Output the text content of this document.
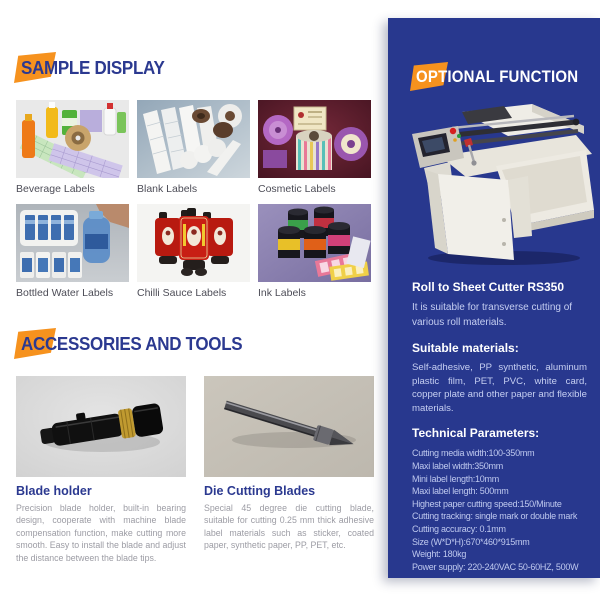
SAMPLE DISPLAY
Beverage Labels	Blank Labels	Cosmetic Labels
Bottled Water Labels	Chilli Sauce Labels	Ink Labels
ACCESSORIES AND TOOLS
Blade holder
Precision blade holder, built-in bearing design, cooperate with machine blade compensation function, make cutting more smooth. Easy to install the blade and adjust the distance between the blade tips.
Die Cutting Blades
Special 45 degree die cutting blade, suitable for cutting 0.25 mm thick adhesive label materials such as sticker, coated paper, synthetic paper, PP, PET, etc.
OPTIONAL FUNCTION
Roll to Sheet Cutter RS350
It is suitable for transverse cutting of various roll materials.
Suitable materials:
Self-adhesive, PP synthetic, aluminum plastic film, PET, PVC, white card, copper plate and other paper and flexible materials.
Technical Parameters:
Cutting media width:100-350mm
Maxi label width:350mm
Mini label length:10mm
Maxi label length: 500mm
Highest paper cutting speed:150/Minute
Cutting tracking: single mark or double mark
Cutting accuracy: 0.1mm
Size (W*D*H):670*460*915mm
Weight: 180kg
Power supply: 220-240VAC 50-60HZ, 500W
